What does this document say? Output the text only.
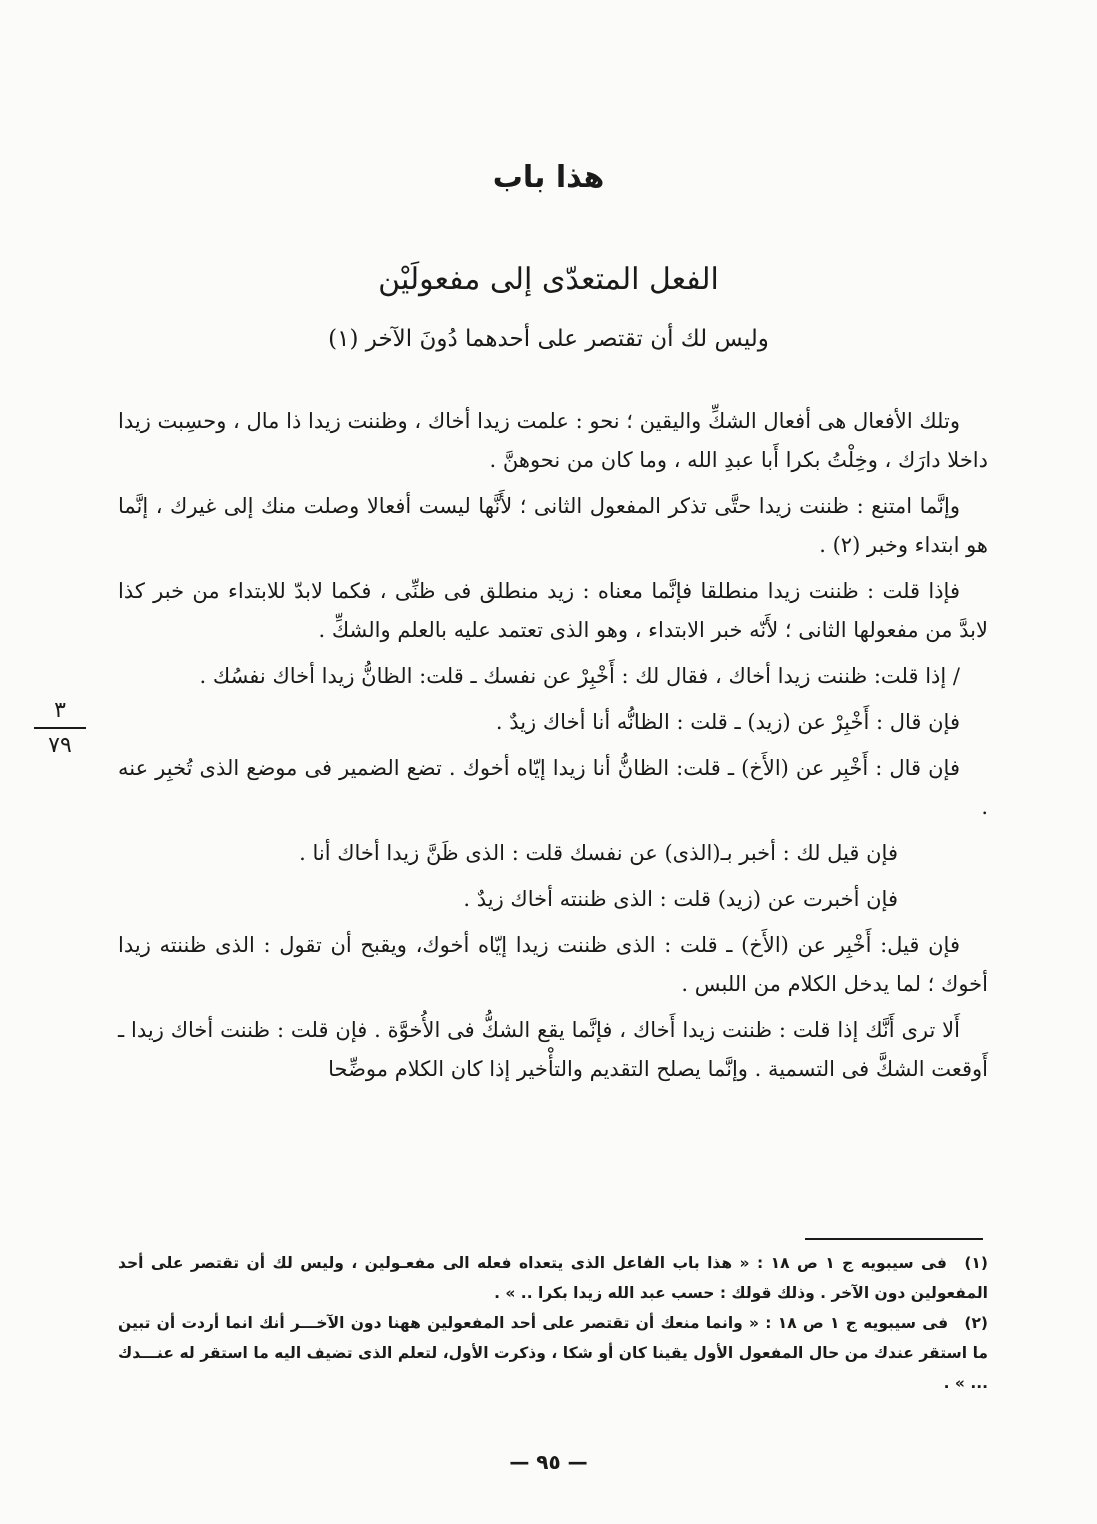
هذا باب
الفعل المتعدّى إلى مفعولَيْن
وليس لك أن تقتصر على أحدهما دُونَ الآخر (١)

وتلك الأفعال هى أفعال الشكِّ واليقين ؛ نحو : علمت زيدا أخاك ، وظننت زيدا ذا مال ، وحسِبت زيدا داخلا دارَك ، وخِلْتُ بكرا أَبا عبدِ الله ، وما كان من نحوهنَّ .

وإنَّما امتنع : ظننت زيدا حتَّى تذكر المفعول الثانى ؛ لأَنَّها ليست أفعالا وصلت منك إلى غيرك ، إنَّما هو ابتداء وخبر (٢) .

فإذا قلت : ظننت زيدا منطلقا فإنَّما معناه : زيد منطلق فى ظنِّى ، فكما لابدّ للابتداء من خبر كذا لابدَّ من مفعولها الثانى ؛ لأَنّه خبر الابتداء ، وهو الذى تعتمد عليه بالعلم والشكِّ .

/ إذا قلت: ظننت زيدا أخاك ، فقال لك : أَخْبِرْ عن نفسك ـ قلت: الظانُّ زيدا أخاك نفسُك .

فإن قال : أَخْبِرْ عن (زيد) ـ قلت : الظانُّه أنا أخاك زيدٌ .

فإن قال : أَخْبِر عن (الأَخ) ـ قلت: الظانُّ أنا زيدا إيّاه أخوك . تضع الضمير فى موضع الذى تُخبِر عنه .

فإن قيل لك : أخبر بـ(الذى) عن نفسك قلت : الذى ظَنَّ زيدا أخاك أنا .

فإن أخبرت عن (زيد) قلت : الذى ظننته أخاك زيدٌ .

فإن قيل: أَخْبِر عن (الأَخ) ـ قلت : الذى ظننت زيدا إيّاه أخوك، ويقبح أن تقول : الذى ظننته زيدا أخوك ؛ لما يدخل الكلام من اللبس .

أَلا ترى أَنَّك إذا قلت : ظننت زيدا أَخاك ، فإنَّما يقع الشكُّ فى الأُخوَّة . فإن قلت : ظننت أخاك زيدا ـ أَوقعت الشكَّ فى التسمية . وإنَّما يصلح التقديم والتأْخير إذا كان الكلام موضِّحا

٣
٧٩

(١) فى سيبويه ج ١ ص ١٨ : « هذا باب الفاعل الذى يتعداه فعله الى مفعـولين ، وليس لك أن تقتصر على أحد المفعولين دون الآخر . وذلك قولك : حسب عبد الله زيدا بكرا .. » .

(٢) فى سيبويه ج ١ ص ١٨ : « وانما منعك أن تقتصر على أحد المفعولين ههنا دون الآخـــر أنك انما أردت أن تبين ما استقر عندك من حال المفعول الأول يقينا كان أو شكا ، وذكرت الأول، لتعلم الذى تضيف اليه ما استقر له عنـــدك ... » .

— ٩٥ —
